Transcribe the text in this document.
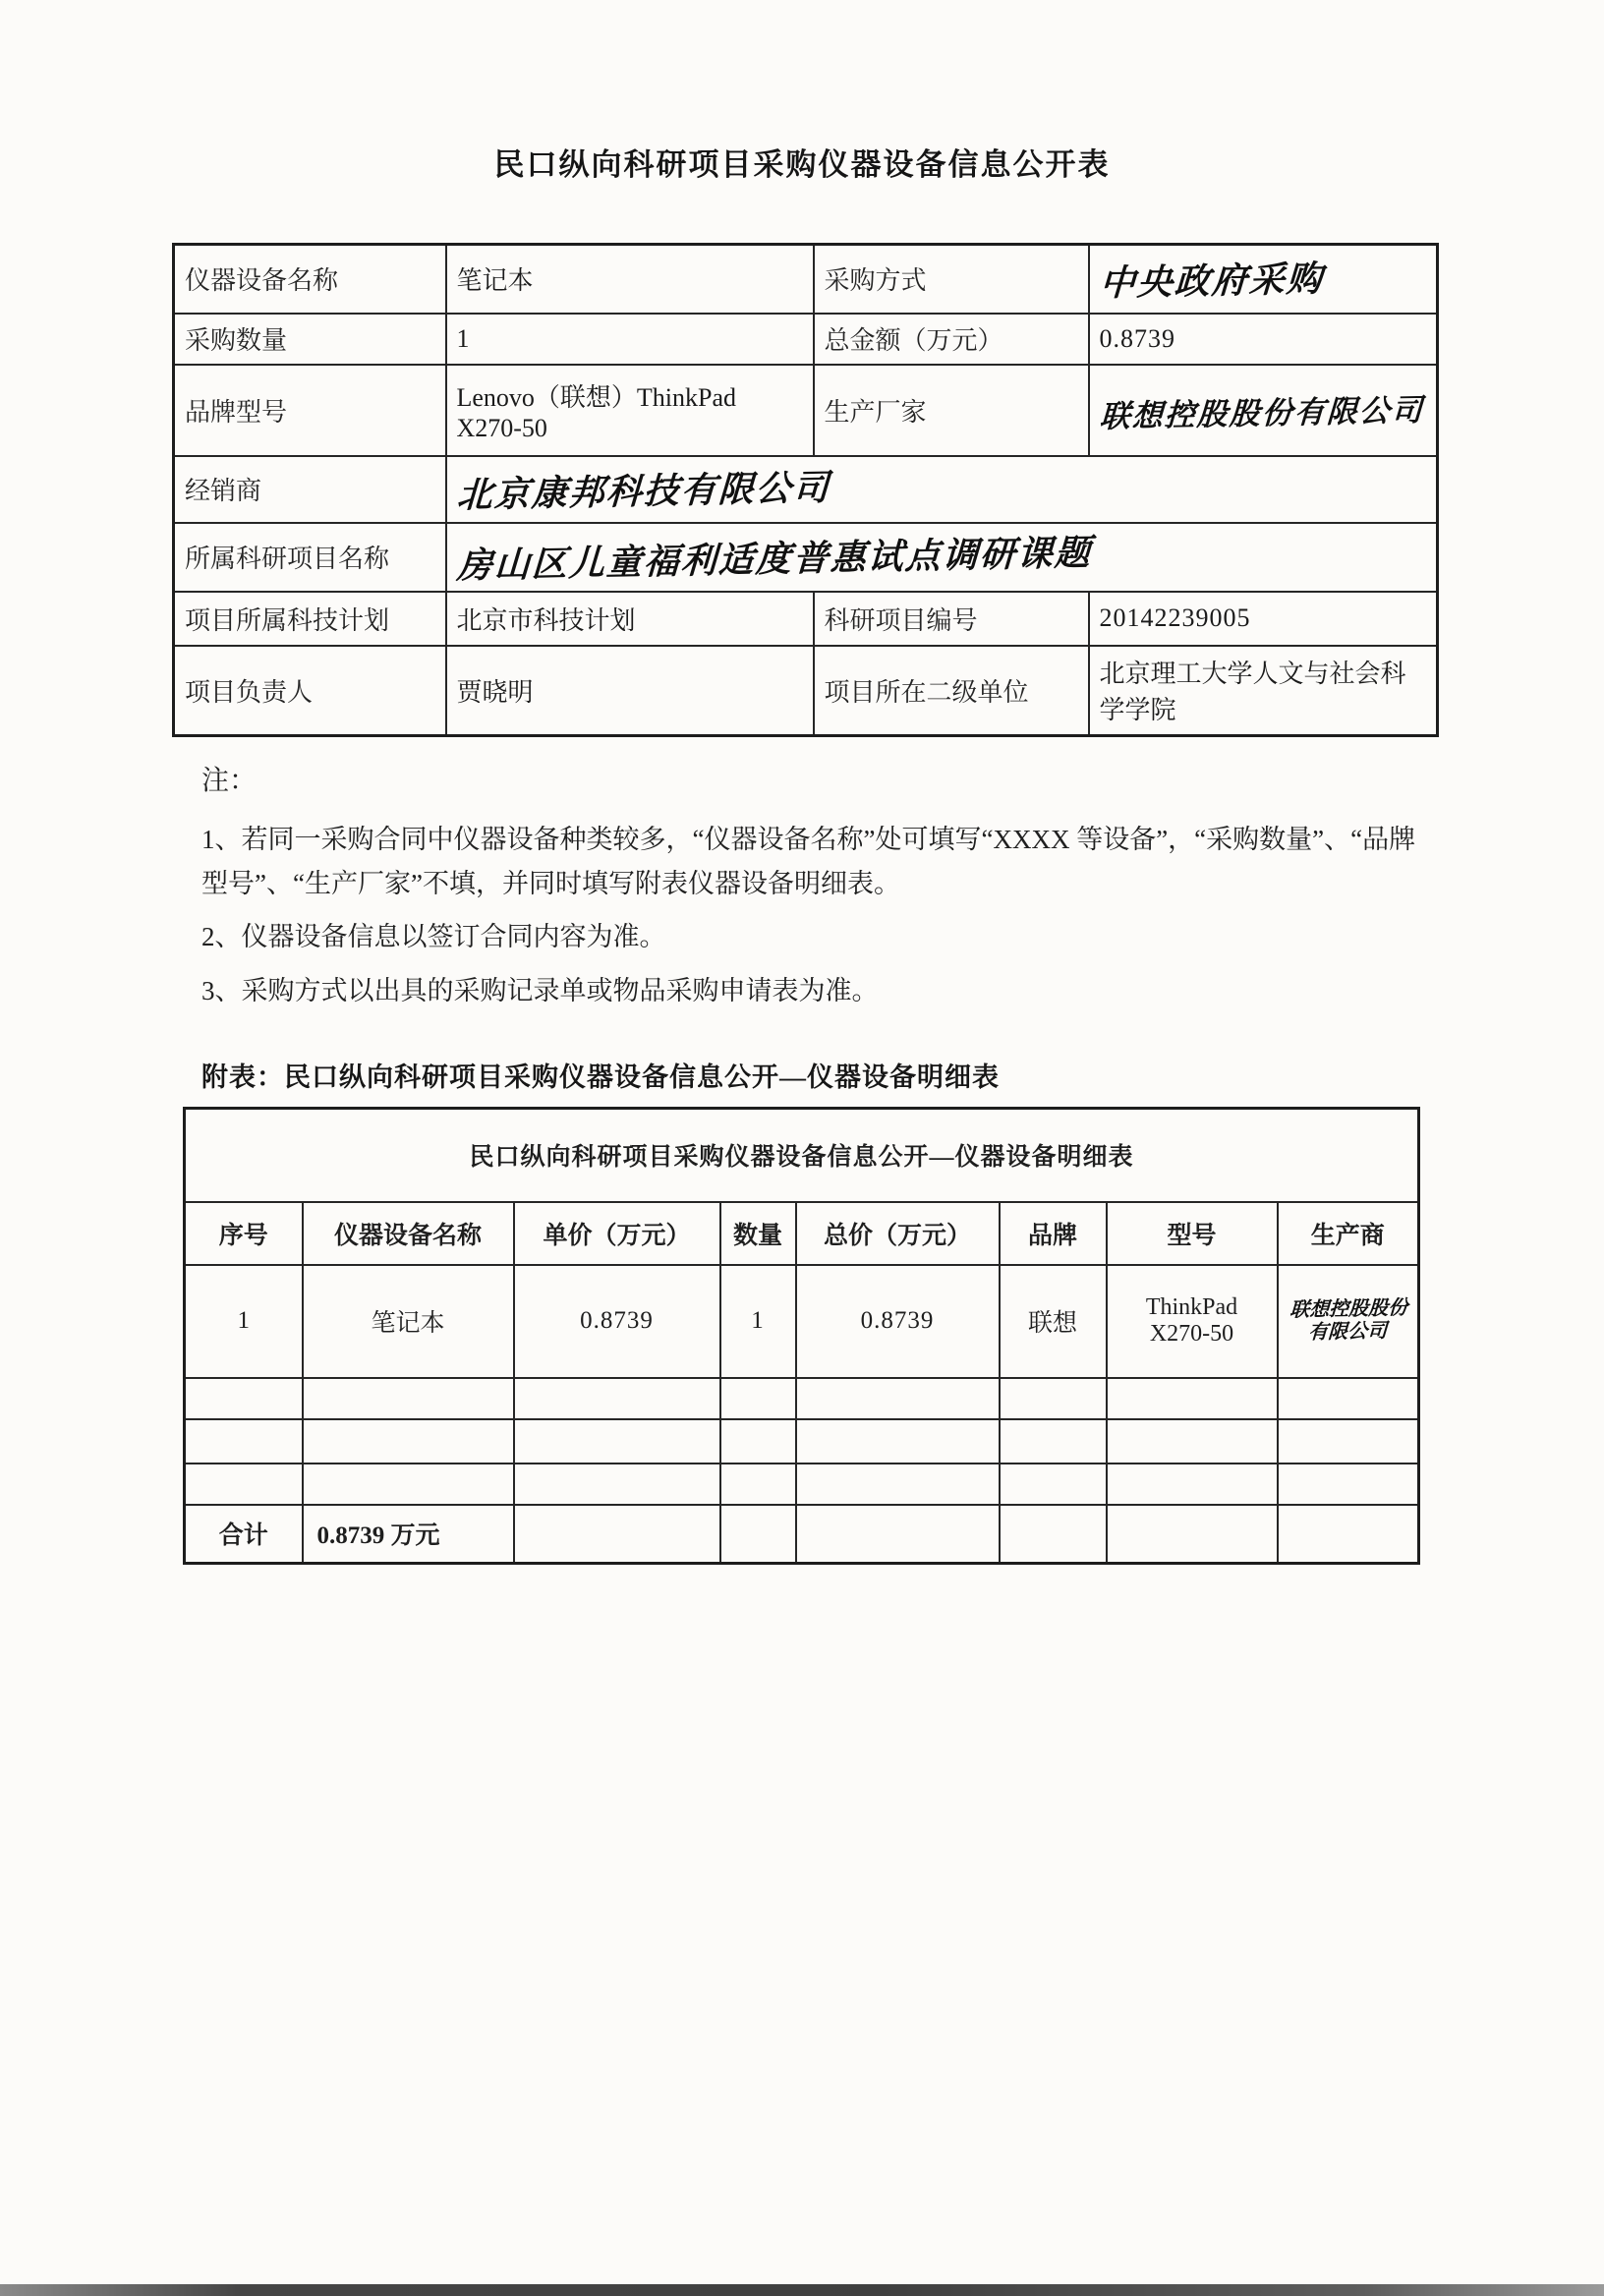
民口纵向科研项目采购仪器设备信息公开表
仪器设备名称	笔记本	采购方式	中央政府采购
采购数量	1	总金额（万元）	0.8739
品牌型号	Lenovo（联想）ThinkPad X270-50	生产厂家	联想控股股份有限公司
经销商	北京康邦科技有限公司		
所属科研项目名称	房山区儿童福利适度普惠试点调研课题		
项目所属科技计划	北京市科技计划	科研项目编号	20142239005
项目负责人	贾晓明	项目所在二级单位	北京理工大学人文与社会科学学院
注：
1、若同一采购合同中仪器设备种类较多，“仪器设备名称”处可填写“XXXX 等设备”，“采购数量”、“品牌型号”、“生产厂家”不填，并同时填写附表仪器设备明细表。
2、仪器设备信息以签订合同内容为准。
3、采购方式以出具的采购记录单或物品采购申请表为准。
附表：民口纵向科研项目采购仪器设备信息公开—仪器设备明细表
民口纵向科研项目采购仪器设备信息公开—仪器设备明细表							
序号	仪器设备名称	单价（万元）	数量	总价（万元）	品牌	型号	生产商
1	笔记本	0.8739	1	0.8739	联想	ThinkPad X270-50	联想控股股份有限公司

合计	0.8739 万元						
